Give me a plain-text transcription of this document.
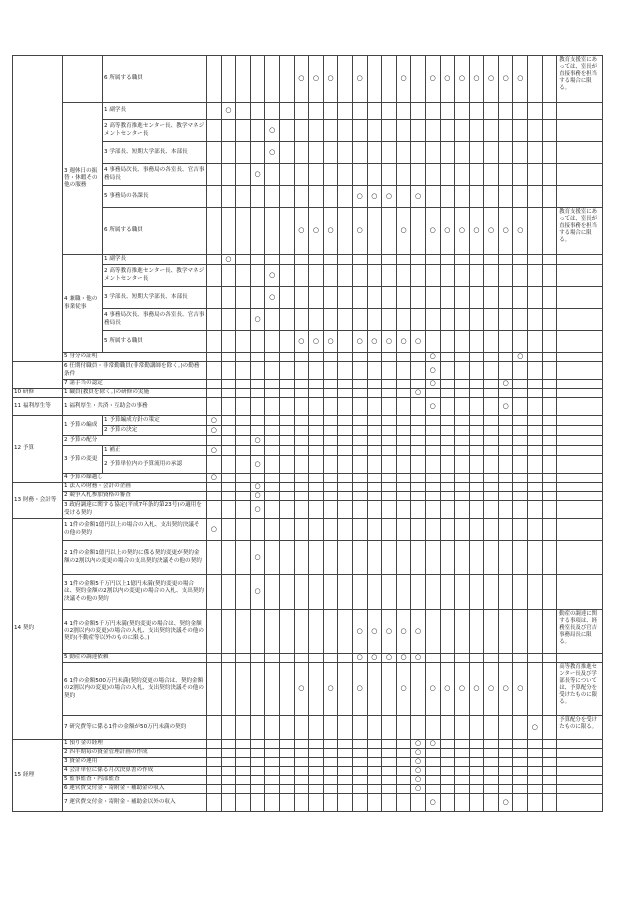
		6 所属する職員							○	○	○		○			○		○	○	○	○	○	○	○			教育支援室にあっては、室長が直接事務を担当する場合に限る。
	3 週休日の振替・休暇その他の服務	1 副学長		○																							
		2 高等教育推進センター長、教学マネジメントセンター長					○																				
		3 学部長、短期大学部長、本部長					○																				
		4 事務局次長、事務局の各室長、官吉事務局長				○																					
		5 事務局の各課長											○	○	○		○										
		6 所属する職員							○	○	○		○			○		○	○	○	○	○	○	○			教育支援室にあっては、室長が直接事務を担当する場合に限る。
	4 兼職・他の事業従事	1 副学長		○																							
		2 高等教育推進センター長、教学マネジメントセンター長					○																				
		3 学部長、短期大学部長、本部長					○																				
		4 事務局次長、事務局の各室長、官吉事務局長				○																					
		5 所属する職員							○	○	○		○	○	○	○	○										
	5 身分の証明																	○						○			
	6 任期付職員・非常勤職員(非常勤講師を除く。)の勤務条件																	○									
	7 諸手当の認定																	○					○				
10 研修	1 職員(教員を除く。)の研修の実施																○										
11 福利厚生等	1 福利厚生・共済・互助会の事務																	○					○				
12 予算	1 予算の編成	1 予算編成方針の策定	○																								
		2 予算の決定	○																								
	2 予算の配分					○																					
	3 予算の変更	1 補正	○																								
		2 予算単位内の予算流用の承認				○																					
	4 予算の繰越し		○																								
13 財務・会計等	1 法人の財務・会計の企画					○																					
	2 競争入札参加資格の審査					○																					
	3 政府調達に関する協定(平成7年条約第23号)の適用を受ける契約					○																					
14 契約	1 1件の金額1億円以上の場合の入札、支出契約決議その他の契約		○																								
	2 1件の金額1億円以上の契約に係る契約変更が契約金額の2割以内の変更の場合の支出契約決議その他の契約					○																					
	3 1件の金額5千万円以上1億円未満(契約変更の場合は、契約金額の2割以内の変更)の場合の入札、支出契約決議その他の契約					○																					
	4 1件の金額5千万円未満(契約変更の場合は、契約金額の2割以内の変更)の場合の入札、支出契約決議その他の契約(不動産等以外のものに限る。)												○	○	○	○	○										動産の調達に関する事項は、経務室長及び官吉事務局長に限る。
	5 動産の調達依頼												○	○	○	○	○										
	6 1件の金額500万円未満(契約変更の場合は、契約金額の2割以内の変更)の場合の入札、支出契約決議その他の契約								○		○		○			○		○	○	○	○	○	○	○			高等教育推進センター長及び学部長等については、予算配分を受けたものに限る。
	7 研究費等に係る1件の金額が50万円未満の契約																								○		予算配分を受けたものに限る。
15 経理	1 預り金の経理																○	○									
	2 四半期毎の資金管理計画の作成																○										
	3 資金の運用																○										
	4 会計単位に係る月次決算書の作成																○										
	5 監事監査・内部監査																○										
	6 運営費交付金・寄附金・補助金の収入																○										
	7 運営費交付金・寄附金・補助金以外の収入																	○					○				
